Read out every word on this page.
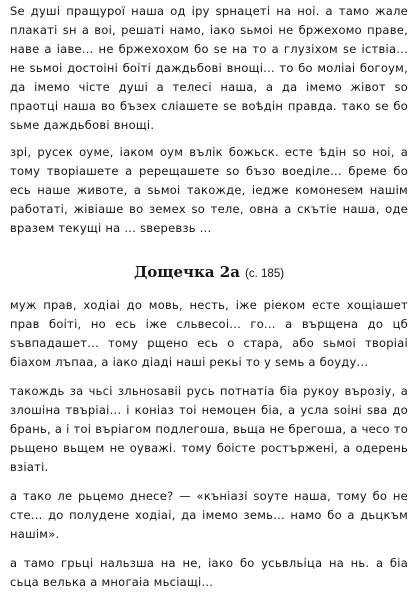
Ѕе душі пращурої наша од іру ѕрнацеті на ноі. а тамо жале плакаті ѕн а воі, решаті намо, іако ѕьмоі не бржехомо праве, наве а іаве... не бржехохом бо ѕе на то а глузіхом ѕе іствіа... не ѕьмоі достоіні боіті даждьбові внощі... то бо моліаі богоум, да імемо чісте душі а телесі наша, а да імемо жівот ѕо праотці наша во бъзех сліашете ѕе воѣдін правда. тако ѕе бо ѕьме даждьбові внощі.

зрі, русек оуме, іаком оум вълік божьск. есте ѣдін ѕо ноі, а тому творіашете а ререщашете ѕо бъзо воеділе... бреме бо есь наше животе, а ѕьмоі такожде, іедже комонеsем нашім работаті, жівіаше во земех ѕо теле, овна а скътіе наша, оде вразем текущі на ... ѕверевзь ...

Дощечка 2а (с. 185)

муж прав, ходіаі до мовь, несть, іже рiеком есте хощіашет прав боіті, но есь іже сльвесоі... го... а върщена до цб ѕъвпадашет... тому рщено есь о стара, або ѕьмоі творіаі бiахом лъпаа, а іако діаді нашi рекьi то у ѕемь а боуду...

такождь за чьсі зльноѕавіі русь потнатіа біа рукоу върозіу, а злошіна твърiаі... і коніаз тоі немоцен біа, а усла ѕоіні ѕва до брань, а і тоі върiагом подлегоша, вьща не брегоша, а чесо то рьщено вьщем не оуважі. тому боісте ростърженi, а одерень взiаті.

а тако ле рьцемо днесе? — «кънiазі ѕоуте наша, тому бо не сте... до полудене ходiаі, да імемо земь... намо бо а дьцкъм нашiм».

а тамо грьці нальзша на не, іако бо усьвльіца на нь. а біа сьца велька а многаіа мьсiащі...
